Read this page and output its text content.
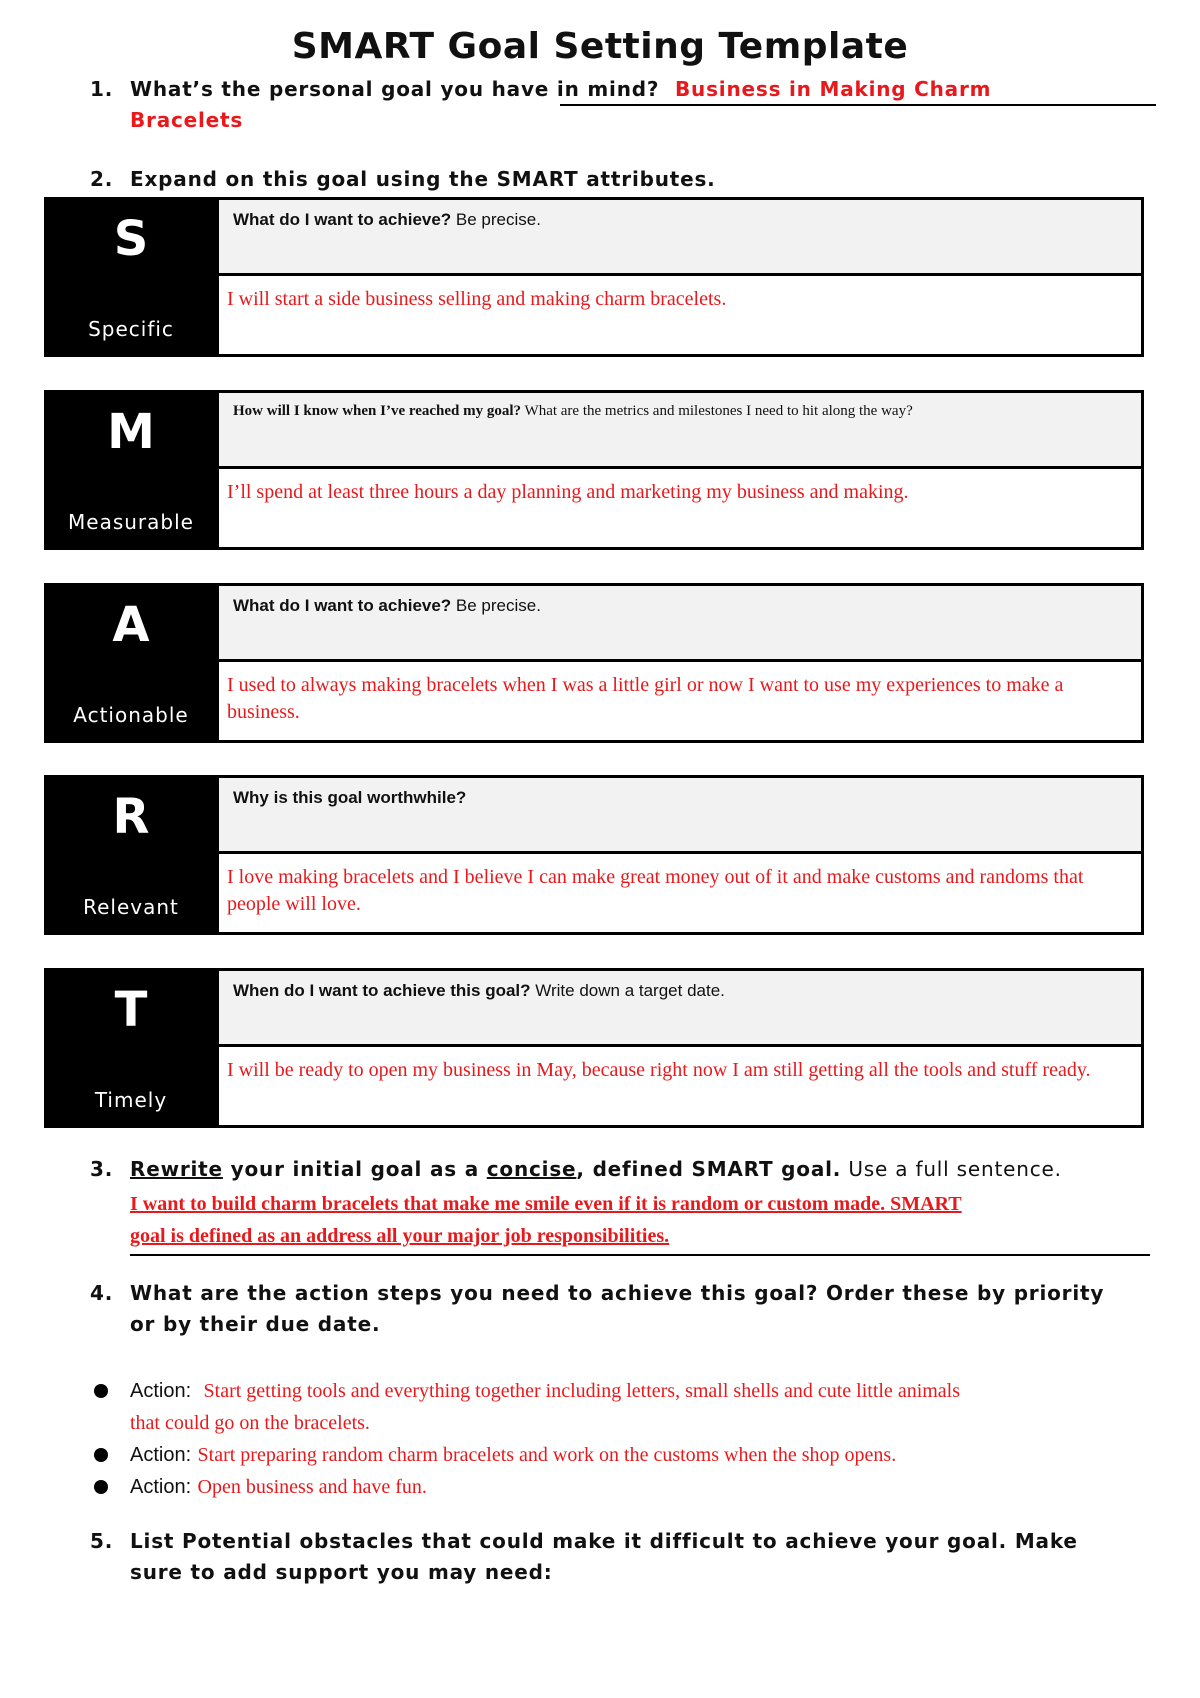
SMART Goal Setting Template
1. What’s the personal goal you have in mind? Business in Making Charm
Bracelets
2. Expand on this goal using the SMART attributes.
S
Specific
What do I want to achieve? Be precise.
I will start a side business selling and making charm bracelets.
M
Measurable
How will I know when I’ve reached my goal? What are the metrics and milestones I need to hit along the way?
I’ll spend at least three hours a day planning and marketing my business and making.
A
Actionable
What do I want to achieve? Be precise.
I used to always making bracelets when I was a little girl or now I want to use my experiences to make a business.
R
Relevant
Why is this goal worthwhile?
I love making bracelets and I believe I can make great money out of it and make customs and randoms that people will love.
T
Timely
When do I want to achieve this goal? Write down a target date.
I will be ready to open my business in May, because right now I am still getting all the tools and stuff ready.
3. Rewrite your initial goal as a concise, defined SMART goal. Use a full sentence.
I want to build charm bracelets that make me smile even if it is random or custom made. SMART
goal is defined as an address all your major job responsibilities.
4. What are the action steps you need to achieve this goal? Order these by priority
or by their due date.
Action: Start getting tools and everything together including letters, small shells and cute little animals
that could go on the bracelets.
Action: Start preparing random charm bracelets and work on the customs when the shop opens.
Action: Open business and have fun.
5. List Potential obstacles that could make it difficult to achieve your goal. Make
sure to add support you may need:
